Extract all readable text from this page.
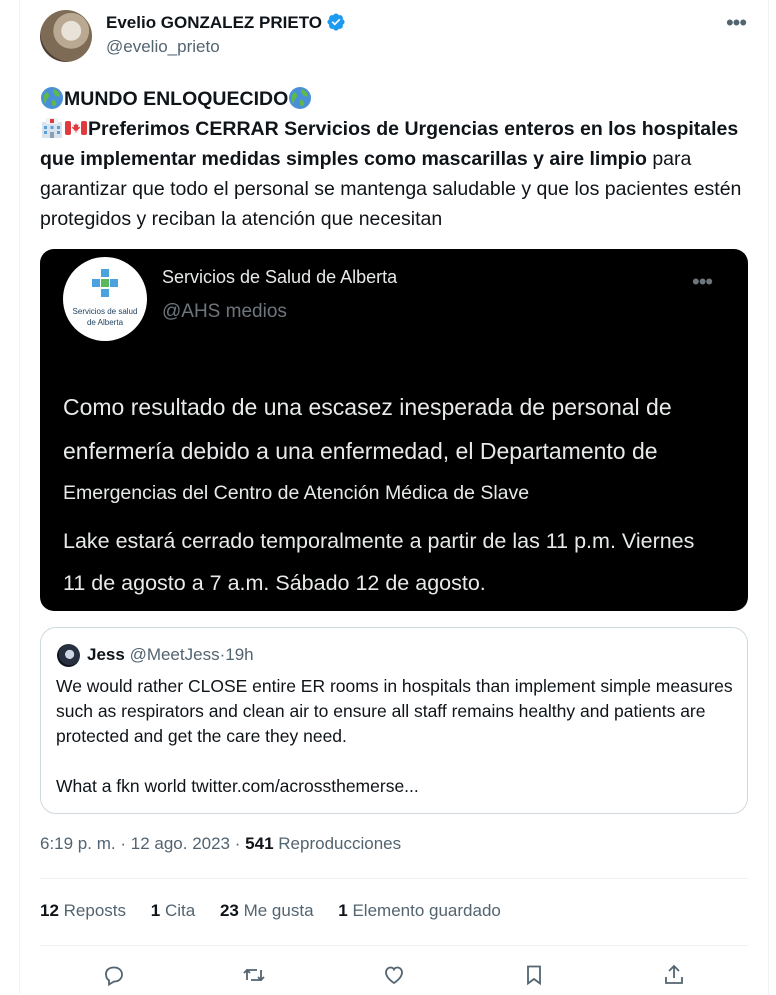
Evelio GONZALEZ PRIETO
@evelio_prieto
•••
MUNDO ENLOQUECIDO
Preferimos CERRAR Servicios de Urgencias enteros en los hospitales que implementar medidas simples como mascarillas y aire limpio para garantizar que todo el personal se mantenga saludable y que los pacientes estén protegidos y reciban la atención que necesitan
Servicios de salud
de Alberta
Servicios de Salud de Alberta
@AHS medios
•••
Como resultado de una escasez inesperada de personal de
enfermería debido a una enfermedad, el Departamento de
Emergencias del Centro de Atención Médica de Slave
Lake estará cerrado temporalmente a partir de las 11 p.m. Viernes
11 de agosto a 7 a.m. Sábado 12 de agosto.
Jess @MeetJess·19h

We would rather CLOSE entire ER rooms in hospitals than implement simple measures such as respirators and clean air to ensure all staff remains healthy and patients are protected and get the care they need.

What a fkn world twitter.com/acrossthemerse...

6:19 p. m. · 12 ago. 2023 · 541 Reproducciones
12 Reposts 1 Cita 23 Me gusta 1 Elemento guardado
